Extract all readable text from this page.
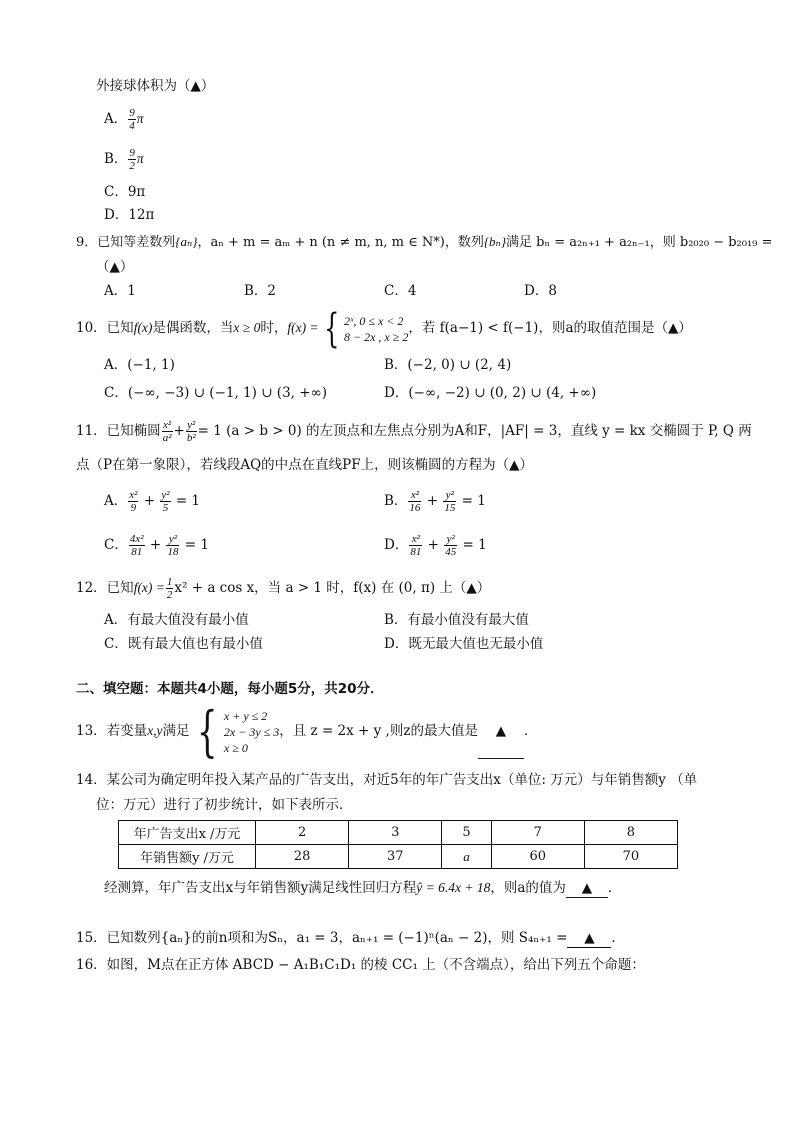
外接球体积为（▲）
A． $\frac{9}{4}$ π
B． $\frac{9}{2}$ π
C．9π
D．12π
9．已知等差数列{aₙ}，aₙ + m = aₘ + n (n ≠ m, n, m ∈ N*)，数列{bₙ}满足 bₙ = a₂ₙ₊₁ + a₂ₙ₋₁，则 b₂₀₂₀ − b₂₀₁₉ =
（▲）
A．1	B．2	C．4	D．8
10．已知f(x)是偶函数，当x ≥ 0时，f(x) = { 2ˣ, 0 ≤ x < 2
8 − 2x , x ≥ 2
，若 f(a−1) < f(−1)，则a的取值范围是（▲）
A．(−1, 1)	B．(−2, 0) ∪ (2, 4)
C．(−∞, −3) ∪ (−1, 1) ∪ (3, +∞)	D．(−∞, −2) ∪ (0, 2) ∪ (4, +∞)
11．已知椭圆 $\frac{\text{x²}}{\text{a²}} + \frac{\text{y²}}{\text{b²}} = 1$ (a > b > 0) 的左顶点和左焦点分别为A和F，|AF| = 3，直线 y = kx 交椭圆于 P, Q 两
点（P在第一象限），若线段AQ的中点在直线PF上，则该椭圆的方程为（▲）
A． $\frac{\text{x²}}{9} + \frac{\text{y²}}{5} = 1$	B． $\frac{\text{x²}}{16} + \frac{\text{y²}}{15} = 1$
C． $\frac{\text{4x²}}{81} + \frac{\text{y²}}{18} = 1$	D． $\frac{\text{x²}}{81} + \frac{\text{y²}}{45} = 1$
12．已知$f(x) = \frac{1}{2} x^2 + a$ cos x，当 a > 1 时，f(x) 在 (0, π) 上（▲）
A．有最大值没有最小值	B．有最小值没有最大值
C．既有最大值也有最小值	D．既无最大值也无最小值
二、填空题：本题共4小题，每小题5分，共20分．
13．若变量x,y满足 { x + y ≤ 2
2x − 3y ≤ 3
x ≥ 0
，且 z = 2x + y ,则z的最大值是 ▲ ．
14．某公司为确定明年投入某产品的广告支出，对近5年的年广告支出x（单位: 万元）与年销售额y （单
位：万元）进行了初步统计，如下表所示．
年广告支出x /万元	2	3	5	7	8
年销售额y /万元	28	37	a	60	70
经测算，年广告支出x与年销售额y满足线性回归方程ŷ = 6.4x + 18，则a的值为 ▲ ．
15．已知数列{aₙ}的前n项和为Sₙ，a₁ = 3，aₙ₊₁ = (−1)ⁿ(aₙ − 2)，则 S₄ₙ₊₁ = ▲ ．
16．如图，M点在正方体 ABCD − A₁B₁C₁D₁ 的棱 CC₁ 上（不含端点），给出下列五个命题：
